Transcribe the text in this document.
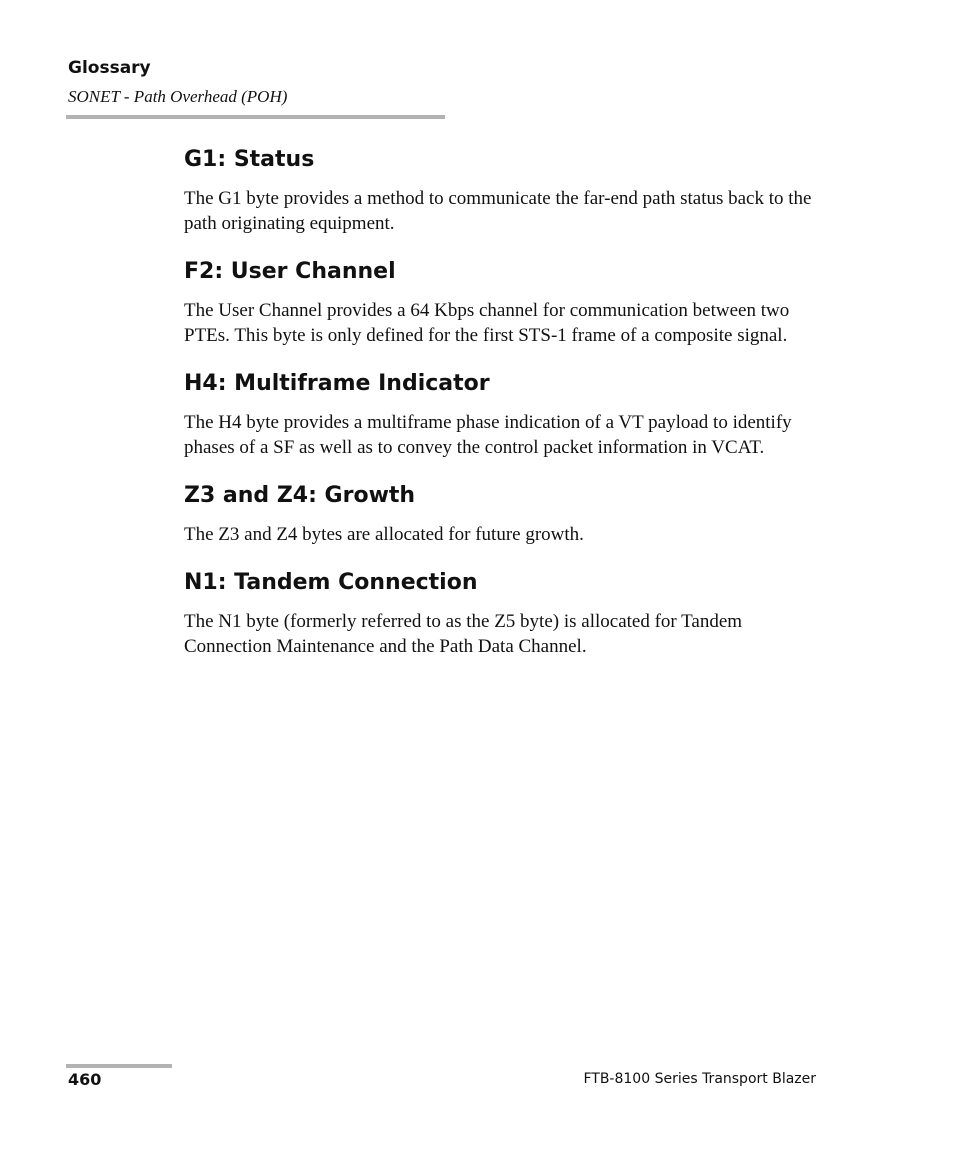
Glossary
SONET - Path Overhead (POH)
G1: Status

The G1 byte provides a method to communicate the far-end path status back to the path originating equipment.

F2: User Channel

The User Channel provides a 64 Kbps channel for communication between two PTEs. This byte is only defined for the first STS-1 frame of a composite signal.

H4: Multiframe Indicator

The H4 byte provides a multiframe phase indication of a VT payload to identify phases of a SF as well as to convey the control packet information in VCAT.

Z3 and Z4: Growth

The Z3 and Z4 bytes are allocated for future growth.

N1: Tandem Connection

The N1 byte (formerly referred to as the Z5 byte) is allocated for Tandem Connection Maintenance and the Path Data Channel.

460	FTB-8100 Series Transport Blazer
